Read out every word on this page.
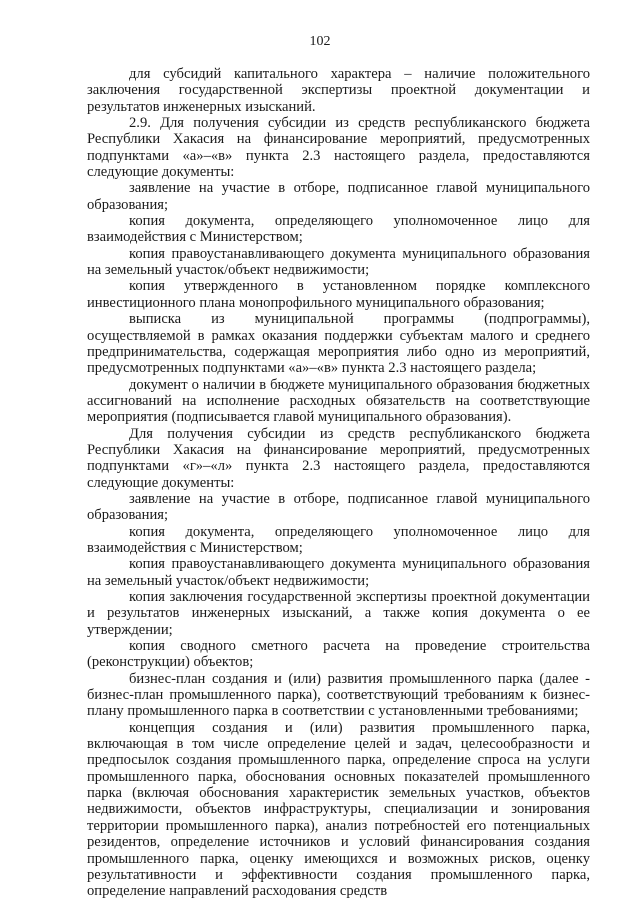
102

для субсидий капитального характера – наличие положительного заключения государственной экспертизы проектной документации и результатов инженерных изысканий.

2.9. Для получения субсидии из средств республиканского бюджета Республики Хакасия на финансирование мероприятий, предусмотренных подпунктами «а»–«в» пункта 2.3 настоящего раздела, предоставляются следующие документы:

заявление на участие в отборе, подписанное главой муниципального образования;

копия документа, определяющего уполномоченное лицо для взаимодействия с Министерством;

копия правоустанавливающего документа муниципального образования на земельный участок/объект недвижимости;

копия утвержденного в установленном порядке комплексного инвестиционного плана монопрофильного муниципального образования;

выписка из муниципальной программы (подпрограммы), осуществляемой в рамках оказания поддержки субъектам малого и среднего предпринимательства, содержащая мероприятия либо одно из мероприятий, предусмотренных подпунктами «а»–«в» пункта 2.3 настоящего раздела;

документ о наличии в бюджете муниципального образования бюджетных ассигнований на исполнение расходных обязательств на соответствующие мероприятия (подписывается главой муниципального образования).

Для получения субсидии из средств республиканского бюджета Республики Хакасия на финансирование мероприятий, предусмотренных подпунктами «г»–«л» пункта 2.3 настоящего раздела, предоставляются следующие документы:

заявление на участие в отборе, подписанное главой муниципального образования;

копия документа, определяющего уполномоченное лицо для взаимодействия с Министерством;

копия правоустанавливающего документа муниципального образования на земельный участок/объект недвижимости;

копия заключения государственной экспертизы проектной документации и результатов инженерных изысканий, а также копия документа о ее утверждении;

копия сводного сметного расчета на проведение строительства (реконструкции) объектов;

бизнес-план создания и (или) развития промышленного парка (далее - бизнес-план промышленного парка), соответствующий требованиям к бизнес-плану промышленного парка в соответствии с установленными требованиями;

концепция создания и (или) развития промышленного парка, включающая в том числе определение целей и задач, целесообразности и предпосылок создания промышленного парка, определение спроса на услуги промышленного парка, обоснования основных показателей промышленного парка (включая обоснования характеристик земельных участков, объектов недвижимости, объектов инфраструктуры, специализации и зонирования территории промышленного парка), анализ потребностей его потенциальных резидентов, определение источников и условий финансирования создания промышленного парка, оценку имеющихся и возможных рисков, оценку результативности и эффективности создания промышленного парка, определение направлений расходования средств
